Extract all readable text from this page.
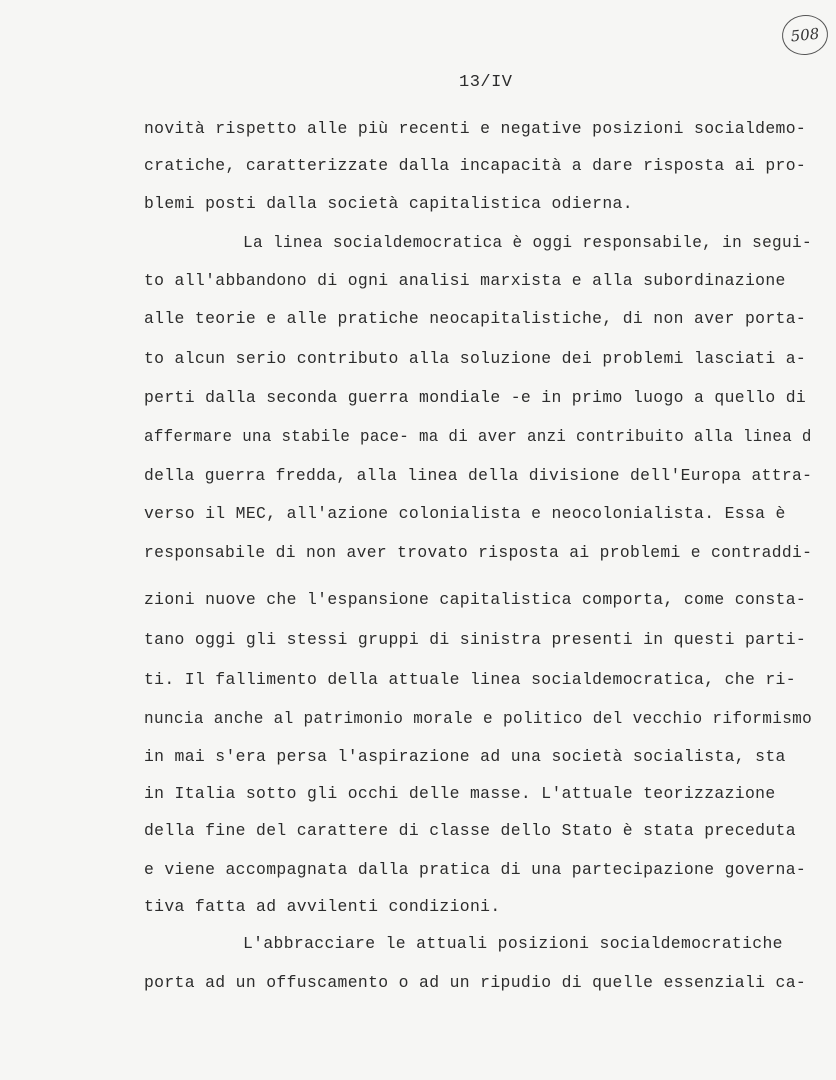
508
13/IV
novità rispetto alle più recenti e negative posizioni socialdemo-
cratiche, caratterizzate dalla incapacità a dare risposta ai pro-
blemi posti dalla società capitalistica odierna.
La linea socialdemocratica è oggi responsabile, in segui-
to all'abbandono di ogni analisi marxista e alla subordinazione
alle teorie e alle pratiche neocapitalistiche, di non aver porta-
to alcun serio contributo alla soluzione dei problemi lasciati a-
perti dalla seconda guerra mondiale -e in primo luogo a quello di
affermare una stabile pace- ma di aver anzi contribuito alla linea d
della guerra fredda, alla linea della divisione dell'Europa attra-
verso il MEC, all'azione colonialista e neocolonialista. Essa è
responsabile di non aver trovato risposta ai problemi e contraddi-
zioni nuove che l'espansione capitalistica comporta, come consta-
tano oggi gli stessi gruppi di sinistra presenti in questi parti-
ti. Il fallimento della attuale linea socialdemocratica, che ri-
nuncia anche al patrimonio morale e politico del vecchio riformismo
in mai s'era persa l'aspirazione ad una società socialista, sta
in Italia sotto gli occhi delle masse. L'attuale teorizzazione
della fine del carattere di classe dello Stato è stata preceduta
e viene accompagnata dalla pratica di una partecipazione governa-
tiva fatta ad avvilenti condizioni.
L'abbracciare le attuali posizioni socialdemocratiche
porta ad un offuscamento o ad un ripudio di quelle essenziali ca-
